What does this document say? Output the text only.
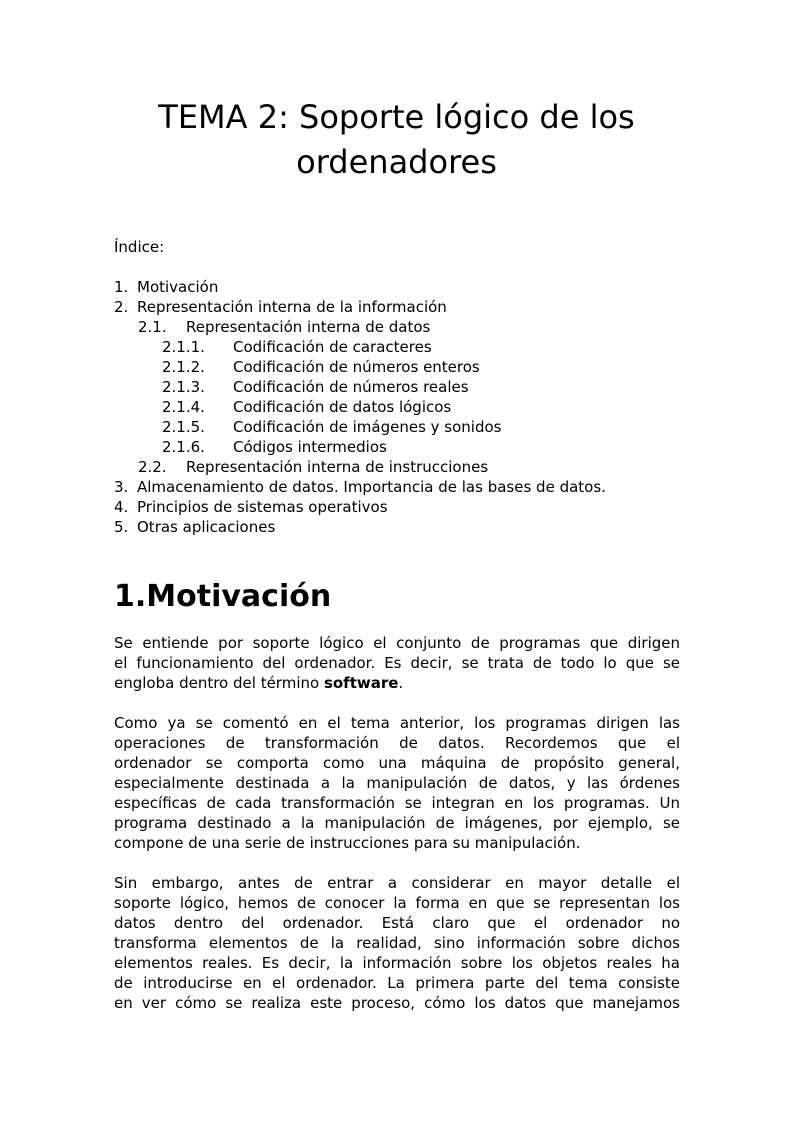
TEMA 2: Soporte lógico de los
ordenadores

Índice:

1. Motivación
2. Representación interna de la información
2.1. Representación interna de datos
2.1.1. Codificación de caracteres
2.1.2. Codificación de números enteros
2.1.3. Codificación de números reales
2.1.4. Codificación de datos lógicos
2.1.5. Codificación de imágenes y sonidos
2.1.6. Códigos intermedios
2.2. Representación interna de instrucciones
3. Almacenamiento de datos. Importancia de las bases de datos.
4. Principios de sistemas operativos
5. Otras aplicaciones
1.Motivación

Se entiende por soporte lógico el conjunto de programas que dirigen
el funcionamiento del ordenador. Es decir, se trata de todo lo que se
engloba dentro del término software.

Como ya se comentó en el tema anterior, los programas dirigen las
operaciones de transformación de datos. Recordemos que el
ordenador se comporta como una máquina de propósito general,
especialmente destinada a la manipulación de datos, y las órdenes
específicas de cada transformación se integran en los programas. Un
programa destinado a la manipulación de imágenes, por ejemplo, se
compone de una serie de instrucciones para su manipulación.

Sin embargo, antes de entrar a considerar en mayor detalle el
soporte lógico, hemos de conocer la forma en que se representan los
datos dentro del ordenador. Está claro que el ordenador no
transforma elementos de la realidad, sino información sobre dichos
elementos reales. Es decir, la información sobre los objetos reales ha
de introducirse en el ordenador. La primera parte del tema consiste
en ver cómo se realiza este proceso, cómo los datos que manejamos
